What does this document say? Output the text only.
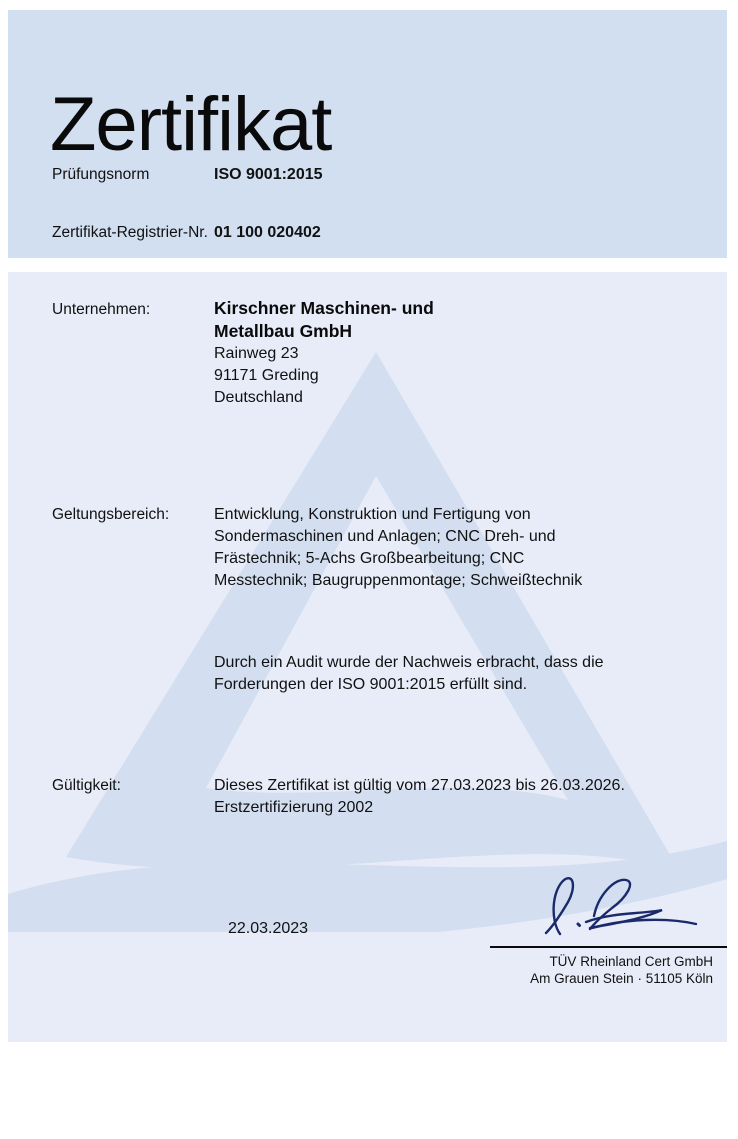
Zertifikat
Prüfungsnorm	ISO 9001:2015
Zertifikat-Registrier-Nr. 01 100 020402
Unternehmen:	Kirschner Maschinen- und
Metallbau GmbH
Rainweg 23
91171 Greding
Deutschland
Geltungsbereich:	Entwicklung, Konstruktion und Fertigung von
Sondermaschinen und Anlagen; CNC Dreh- und
Frästechnik; 5-Achs Großbearbeitung; CNC
Messtechnik; Baugruppenmontage; Schweißtechnik
Durch ein Audit wurde der Nachweis erbracht, dass die
Forderungen der ISO 9001:2015 erfüllt sind.
Gültigkeit:	Dieses Zertifikat ist gültig vom 27.03.2023 bis 26.03.2026.
Erstzertifizierung 2002
22.03.2023
TÜV Rheinland Cert GmbH
Am Grauen Stein · 51105 Köln
